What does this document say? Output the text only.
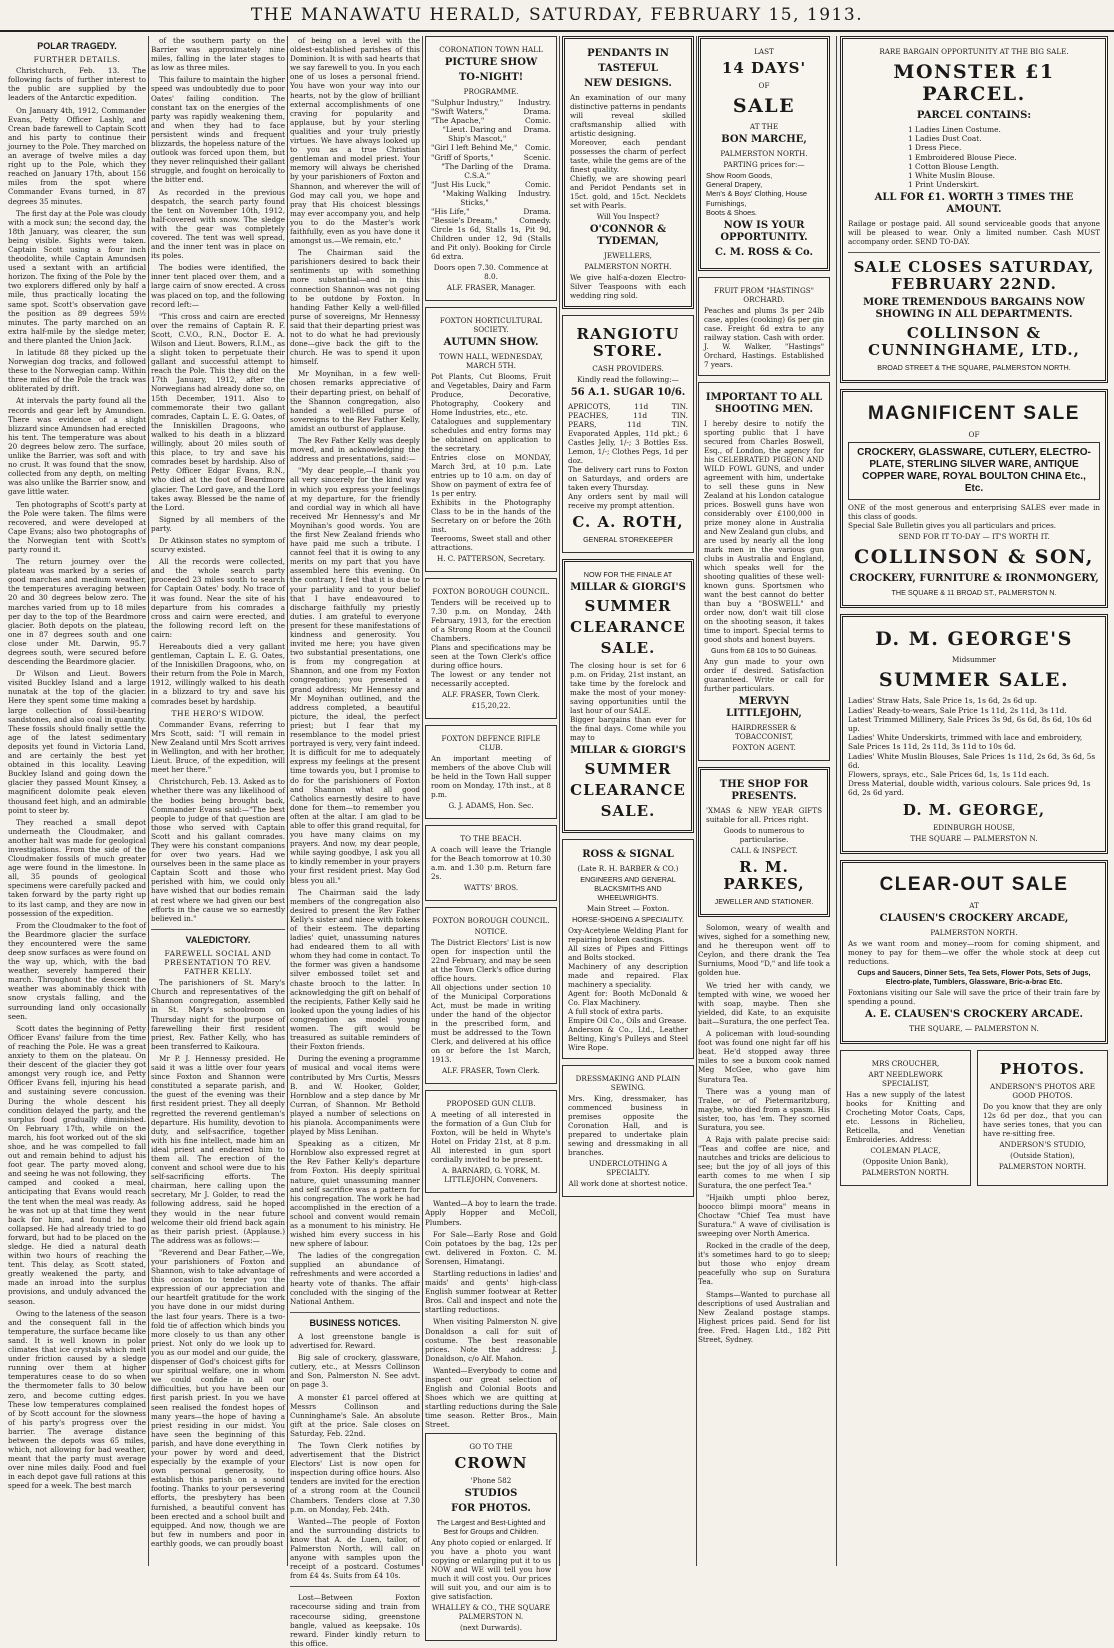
THE MANAWATU HERALD, SATURDAY, FEBRUARY 15, 1913.
POLAR TRAGEDY.
FURTHER DETAILS.

Christchurch, Feb. 13. The following facts of further interest to the public are supplied by the leaders of the Antarctic expedition.

On January 4th, 1912, Commander Evans, Petty Officer Lashly, and Crean bade farewell to Captain Scott and his party to continue their journey to the Pole. They marched on an average of twelve miles a day right up to the Pole, which they reached on January 17th, about 156 miles from the spot where Commander Evans turned, in 87 degrees 35 minutes.

The first day at the Pole was cloudy with a mock sun; the second day, the 18th January, was clearer, the sun being visible. Sights were taken. Captain Scott using a four inch theodolite, while Captain Amundsen used a sextant with an artificial horizon. The fixing of the Pole by the two explorers differed only by half a mile, thus practically locating the same spot. Scott's observation gave the position as 89 degrees 59½ minutes. The party marched on an extra half-mile by the sledge meter, and there planted the Union Jack.

In latitude 88 they picked up the Norwegian dog tracks, and followed these to the Norwegian camp. Within three miles of the Pole the track was obliterated by drift.

At intervals the party found all the records and gear left by Amundsen. There was evidence of a slight blizzard since Amundsen had erected his tent. The temperature was about 20 degrees below zero. The surface, unlike the Barrier, was soft and with no crust. It was found that the snow, collected from any depth, on melting was also unlike the Barrier snow, and gave little water.

Ten photographs of Scott's party at the Pole were taken. The films were recovered, and were developed at Cape Evans; also two photographs of the Norwegian tent with Scott's party round it.

The return journey over the plateau was marked by a series of good marches and medium weather, the temperatures averaging between 20 and 30 degrees below zero. The marches varied from up to 18 miles per day to the top of the Beardmore glacier. Both depots on the plateau, one in 87 degrees south and one close under Mt. Darwin, 95.7 degrees south, were secured before descending the Beardmore glacier.

Dr Wilson and Lieut. Bowers visited Buckley Island and a large nunatak at the top of the glacier. Here they spent some time making a large collection of fossil-bearing sandstones, and also coal in quantity. These fossils should finally settle the age of the latest sedimentary deposits yet found in Victoria Land, and are certainly the best yet obtained in this locality. Leaving Buckley Island and going down the glacier they passed Mount Kinsey, a magnificent dolomite peak eleven thousand feet high, and an admirable point to steer by.

They reached a small depot underneath the Cloudmaker, and another halt was made for geological investigations. From the side of the Cloudmaker fossils of much greater age were found in the limestone. In all, 35 pounds of geological specimens were carefully packed and taken forward by the party right up to its last camp, and they are now in possession of the expedition.

From the Cloudmaker to the foot of the Beardmore glacier the surface they encountered were the same deep snow surfaces as were found on the way up, which, with the bad weather, severely hampered their march. Throughout the descent the weather was abominably thick with snow crystals falling, and the surrounding land only occasionally seen.

Scott dates the beginning of Petty Officer Evans' failure from the time of reaching the Pole. He was a great anxiety to them on the plateau. On their descent of the glacier they got amongst very rough ice, and Petty Officer Evans fell, injuring his head and sustaining severe concussion. During the whole descent his condition delayed the party, and the surplus food gradually diminished. On February 17th, while on the march, his foot worked out of the ski shoe, and he was compelled to fall out and remain behind to adjust his foot gear. The party moved along, and seeing he was not following, they camped and cooked a meal, anticipating that Evans would reach the tent when the meal was ready. As he was not up at that time they went back for him, and found he had collapsed. He had already tried to go forward, but had to be placed on the sledge. He died a natural death within two hours of reaching the tent. This delay, as Scott stated, greatly weakened the party, and made an inroad into the surplus provisions, and unduly advanced the season.

Owing to the lateness of the season and the consequent fall in the temperature, the surface became like sand. It is well known in polar climates that ice crystals which melt under friction caused by a sledge running over them at higher temperatures cease to do so when the thermometer falls to 30 below zero, and become cutting edges. These low temperatures complained of by Scott account for the slowness of his party's progress over the barrier. The average distance between the depots was 65 miles, which, not allowing for bad weather, meant that the party must average over nine miles daily. Food and fuel in each depot gave full rations at this speed for a week. The best march

of the southern party on the Barrier was approximately nine miles, falling in the later stages to as low as three miles.

This failure to maintain the higher speed was undoubtedly due to poor Oates' failing condition. The constant tax on the energies of the party was rapidly weakening them, and when they had to face persistent winds and frequent blizzards, the hopeless nature of the outlook was forced upon them, but they never relinquished their gallant struggle, and fought on heroically to the bitter end.

As recorded in the previous despatch, the search party found the tent on November 10th, 1912, half-covered with snow. The sledge with the gear was completely covered. The tent was well spread, and the inner tent was in place on its poles.

The bodies were identified, the inner tent placed over them, and a large cairn of snow erected. A cross was placed on top, and the following record left:—

"This cross and cairn are erected over the remains of Captain R. F. Scott, C.V.O., R.N., Doctor E. A. Wilson and Lieut. Bowers, R.I.M., as a slight token to perpetuate their gallant and successful attempt to reach the Pole. This they did on the 17th January, 1912, after the Norwegians had already done so, on 15th December, 1911. Also to commemorate their two gallant comrades, Captain L. E. G. Oates, of the Inniskillen Dragoons, who walked to his death in a blizzard willingly, about 20 miles south of this place, to try and save his comrades beset by hardship. Also of Petty Officer Edgar Evans, R.N., who died at the foot of Beardmore glacier. The Lord gave, and the Lord takes away. Blessed be the name of the Lord.

Signed by all members of the party.

Dr Atkinson states no symptom of scurvy existed.

All the records were collected, and the whole search party proceeded 23 miles south to search for Captain Oates' body. No trace of it was found. Near the site of his departure from his comrades a cross and cairn were erected, and the following record left on the cairn:

Hereabouts died a very gallant gentleman, Captain L. E. G. Oates, of the Inniskillen Dragoons, who, on their return from the Pole in March, 1912, willingly walked to his death in a blizzard to try and save his comrades beset by hardship.

THE HERO'S WIDOW.

Commander Evans, referring to Mrs Scott, said: "I will remain in New Zealand until Mrs Scott arrives in Wellington, and with her brother, Lieut. Bruce, of the expedition, will meet her there."

Christchurch, Feb. 13. Asked as to whether there was any likelihood of the bodies being brought back, Commander Evans said:—"The best people to judge of that question are those who served with Captain Scott and his gallant comrades. They were his constant companions for over two years. Had we ourselves been in the same place as Captain Scott and those who perished with him, we could only have wished that our bodies remain at rest where we had given our best efforts in the cause we so earnestly believed in."

VALEDICTORY.
FAREWELL SOCIAL AND PRESENTATION TO REV. FATHER KELLY.

The parishioners of St. Mary's Church and representatives of the Shannon congregation, assembled in St. Mary's schoolroom on Thursday night for the purpose of farewelling their first resident priest, Rev. Father Kelly, who has been transferred to Kaikoura.

Mr P. J. Hennessy presided. He said it was a little over four years since Foxton and Shannon were constituted a separate parish, and the guest of the evening was their first resident priest. They all deeply regretted the reverend gentleman's departure. His humility, devotion to duty, and self-sacrifice, together with his fine intellect, made him an ideal priest and endeared him to them all. The erection of the convent and school were due to his self-sacrificing efforts. The chairman, here calling upon the secretary, Mr J. Golder, to read the following address, said he hoped they would in the near future welcome their old friend back again as their parish priest. (Applause.) The address was as follows:—

"Reverend and Dear Father,—We, your parishioners of Foxton and Shannon, wish to take advantage of this occasion to tender you the expression of our appreciation and our heartfelt gratitude for the work you have done in our midst during the last four years. There is a two-fold tie of affection which binds you more closely to us than any other priest. Not only do we look up to you as our model and our guide, the dispenser of God's choicest gifts for our spiritual welfare, one in whom we could confide in all our difficulties, but you have been our first parish priest. In you we have seen realised the fondest hopes of many years—the hope of having a priest residing in our midst. You have seen the beginning of this parish, and have done everything in your power by word and deed, especially by the example of your own personal generosity, to establish this parish on a sound footing. Thanks to your persevering efforts, the presbytery has been furnished, a beautiful convent has been erected and a school built and equipped. And now, though we are but few in numbers and poor in earthly goods, we can proudly boast

of being on a level with the oldest-established parishes of this Dominion. It is with sad hearts that we say farewell to you. In you each one of us loses a personal friend. You have won your way into our hearts, not by the glow of brilliant external accomplishments of one craving for popularity and applause, but by your sterling qualities and your truly priestly virtues. We have always looked up to you as a true Christian gentleman and model priest. Your memory will always be cherished by your parishioners of Foxton and Shannon, and wherever the will of God may call you, we hope and pray that His choicest blessings may ever accompany you, and help you to do the Master's work faithfully, even as you have done it amongst us.—We remain, etc."

The Chairman said the parishioners desired to back their sentiments up with something more substantial—and in this connection Shannon was not going to be outdone by Foxton. In handing Father Kelly a well-filled purse of sovereigns, Mr Hennessy said that their departing priest was not to do what he had previously done—give back the gift to the church. He was to spend it upon himself.

Mr Moynihan, in a few well-chosen remarks appreciative of their departing priest, on behalf of the Shannon congregation, also handed a well-filled purse of sovereigns to the Rev Father Kelly, amidst an outburst of applause.

The Rev Father Kelly was deeply moved, and in acknowledging the address and presentations, said:—

"My dear people,—I thank you all very sincerely for the kind way in which you express your feelings at my departure, for the friendly and cordial way in which all have received Mr Hennessy's and Mr Moynihan's good words. You are the first New Zealand friends who have paid me such a tribute. I cannot feel that it is owing to any merits on my part that you have assembled here this evening. On the contrary, I feel that it is due to your partiality and to your belief that I have endeavoured to discharge faithfully my priestly duties. I am grateful to everyone present for these manifestations of kindness and generosity. You invited me here; you have given two substantial presentations, one is from my congregation at Shannon, and one from my Foxton congregation; you presented a grand address; Mr Hennessy and Mr Moynihan outlined, and the address completed, a beautiful picture, the ideal, the perfect priest; but I fear that my resemblance to the model priest portrayed is very, very faint indeed. It is difficult for me to adequately express my feelings at the present time towards you, but I promise to do for the parishioners of Foxton and Shannon what all good Catholics earnestly desire to have done for them—to remember you often at the altar. I am glad to be able to offer this grand requital, for you have many claims on my prayers. And now, my dear people, while saying goodbye, I ask you all to kindly remember in your prayers your first resident priest. May God bless you all."

The Chairman said the lady members of the congregation also desired to present the Rev Father Kelly's sister and niece with tokens of their esteem. The departing ladies' quiet, unassuming natures had endeared them to all with whom they had come in contact. To the former was given a handsome silver embossed toilet set and chaste brooch to the latter. In acknowledging the gift on behalf of the recipients, Father Kelly said he looked upon the young ladies of his congregation as model young women. The gift would be treasured as suitable reminders of their Foxton friends.

During the evening a programme of musical and vocal items were contributed by Mrs Curtis, Messrs B. and W. Hooker, Golder, Hornblow and a step dance by Mr Curran, of Shannon. Mr Bethold played a number of selections on his pianola. Accompaniments were played by Miss Lenihan.

Speaking as a citizen, Mr Hornblow also expressed regret at the Rev Father Kelly's departure from Foxton. His deeply spiritual nature, quiet unassuming manner and self sacrifice was a pattern for his congregation. The work he had accomplished in the erection of a school and convent would remain as a monument to his ministry. He wished him every success in his new sphere of labour.

The ladies of the congregation supplied an abundance of refreshments and were accorded a hearty vote of thanks. The affair concluded with the singing of the National Anthem.

BUSINESS NOTICES.

A lost greenstone bangle is advertised for. Reward.

Big sale of crockery, glassware, cutlery, etc., at Messrs Collinson and Son, Palmerston N. See advt. on page 3.

A monster £1 parcel offered at Messrs Collinson and Cunninghame's Sale. An absolute gift at the price. Sale closes on Saturday, Feb. 22nd.

The Town Clerk notifies by advertisement that the District Electors' List is now open for inspection during office hours. Also tenders are invited for the erection of a strong room at the Council Chambers. Tenders close at 7.30 p.m. on Monday, Feb. 24th.

Wanted—The people of Foxton and the surrounding districts to know that A. de Luen, tailor, of Palmerston North, will call on anyone with samples upon the receipt of a postcard. Costumes from £4 4s. Suits from £4 10s.

Lost—Between Foxton racecourse siding and train from racecourse siding, greenstone bangle, valued as keepsake. 10s reward. Finder kindly return to this office.

CORONATION TOWN HALL
PICTURE SHOW
TO-NIGHT!
PROGRAMME.
"Sulphur Industry," Industry.
"Swift Waters,"	Drama.
"The Apache,"	Comic.
"Lieut. Daring and Ship's Mascot,"
Drama.
"Girl I left Behind Me," Comic.
"Griff of Sports,"	Scenic.
"The Darling of the C.S.A."
Drama.
"Just His Luck,"	Comic.
"Making Walking Sticks,"
Industry.
"His Life,"	Drama.
"Bessie's Dream,"	Comedy.
Circle 1s 6d, Stalls 1s, Pit 9d, Children under 12, 9d (Stalls and Pit only). Booking for Circle 6d extra.
Doors open 7.30. Commence at 8.0.
ALF. FRASER, Manager.
FOXTON HORTICULTURAL SOCIETY.
AUTUMN SHOW.
TOWN HALL, WEDNESDAY, MARCH 5TH.
Pot Plants, Cut Blooms, Fruit and Vegetables, Dairy and Farm Produce, Decorative, Photography, Cookery and Home Industries, etc., etc.
Catalogues and supplementary schedules and entry forms may be obtained on application to the secretary.
Entries close on MONDAY, March 3rd, at 10 p.m. Late entries up to 10 a.m. on day of Show on payment of extra fee of 1s per entry.
Exhibits in the Photography Class to be in the hands of the Secretary on or before the 26th inst.
Teerooms, Sweet stall and other attractions.
H. C. PATTERSON, Secretary.
FOXTON BOROUGH COUNCIL.
Tenders will be received up to 7.30 p.m. on Monday, 24th February, 1913, for the erection of a Strong Room at the Council Chambers.
Plans and specifications may be seen at the Town Clerk's office during office hours.
The lowest or any tender not necessarily accepted.
ALF. FRASER, Town Clerk.
£15,20,22.
FOXTON DEFENCE RIFLE CLUB.
An important meeting of members of the above Club will be held in the Town Hall supper room on Monday, 17th inst., at 8 p.m.
G. J. ADAMS, Hon. Sec.
TO THE BEACH.
A coach will leave the Triangle for the Beach tomorrow at 10.30 a.m. and 1.30 p.m. Return fare 2s.
WATTS' BROS.
FOXTON BOROUGH COUNCIL.
NOTICE.
The District Electors' List is now open for inspection until the 22nd February, and may be seen at the Town Clerk's office during office hours.
All objections under section 10 of the Municipal Corporations Act, must be made in writing under the hand of the objector in the prescribed form, and must be addressed to the Town Clerk, and delivered at his office on or before the 1st March, 1913.
ALF. FRASER, Town Clerk.
PROPOSED GUN CLUB.
A meeting of all interested in the formation of a Gun Club for Foxton, will be held in Whyte's Hotel on Friday 21st, at 8 p.m. All interested in gun sport cordially invited to be present.
A. BARNARD, G. YORK, M. LITTLEJOHN, Conveners.

Wanted—A boy to learn the trade. Apply Hopper and McColl, Plumbers.

For Sale—Early Rose and Gold Coin potatoes by the bag, 12s per cwt. delivered in Foxton. C. M. Sorensen, Himatangi.

Startling reductions in ladies' and maids' and gents' high-class English summer footwear at Retter Bros. Call and inspect and note the startling reductions.

When visiting Palmerston N. give Donaldson a call for suit of costume. The best reasonable prices. Note the address: J. Donaldson, c/o Alf. Mahon.

Wanted—Everybody to come and inspect our great selection of English and Colonial Boots and Shoes which we are quitting at startling reductions during the Sale time season. Retter Bros., Main Street.

GO TO THE
CROWN
'Phone 582
STUDIOS
FOR PHOTOS.
The Largest and Best-Lighted and Best for Groups and Children.
Any photo copied or enlarged. If you have a photo you want copying or enlarging put it to us NOW and WE will tell you how much it will cost you. Our prices will suit you, and our aim is to give satisfaction.
WHALLEY & CO., THE SQUARE PALMERSTON N.
(next Durwards).
PENDANTS IN
TASTEFUL
NEW DESIGNS.
An examination of our many distinctive patterns in pendants will reveal skilled craftsmanship allied with artistic designing.
Moreover, each pendant possesses the charm of perfect taste, while the gems are of the finest quality.
Chiefly, we are showing pearl and Peridot Pendants set in 15ct. gold, and 15ct. Necklets set with Pearls.
Will You Inspect?
O'CONNOR & TYDEMAN,
JEWELLERS,
PALMERSTON NORTH.
We give half-a-dozen Electro-Silver Teaspoons with each wedding ring sold.
RANGIOTU STORE.
CASH PROVIDERS.
Kindly read the following:—
56 A.1. SUGAR 10/6.
APRICOTS,	11d	TIN.
PEACHES,	11d	TIN.
PEARS,	11d	TIN.
Evaporated Apples, 11d pkt.; 6 Castles Jelly, 1/-; 3 Bottles Ess. Lemon, 1/-; Clothes Pegs, 1d per doz.
The delivery cart runs to Foxton on Saturdays, and orders are taken every Thursday.
Any orders sent by mail will receive my prompt attention.
C. A. ROTH,
GENERAL STOREKEEPER
NOW FOR THE FINALE AT
MILLAR & GIORGI'S
SUMMER
CLEARANCE
SALE.
The closing hour is set for 6 p.m. on Friday, 21st instant, an take time by the forelock and make the most of your money-saving opportunities until the last hour of our SALE.
Bigger bargains than ever for the final days. Come while you may to
MILLAR & GIORGI'S
SUMMER
CLEARANCE
SALE.
ROSS & SIGNAL
(Late R. H. BARBER & CO.)
ENGINEERS AND GENERAL BLACKSMITHS AND WHEELWRIGHTS.
Main Street — Foxton.
HORSE-SHOEING A SPECIALITY.
Oxy-Acetylene Welding Plant for repairing broken castings.
All sizes of Pipes and Fittings and Bolts stocked.
Machinery of any description made and repaired. Flax machinery a speciality.
Agent for: Booth McDonald & Co. Flax Machinery.
A full stock of extra parts.
Empire Oil Co., Oils and Grease.
Anderson & Co., Ltd., Leather Belting, King's Pulleys and Steel Wire Rope.
DRESSMAKING AND PLAIN SEWING.
Mrs. King, dressmaker, has commenced business in premises opposite the Coronation Hall, and is prepared to undertake plain sewing and dressmaking in all branches.
UNDERCLOTHING A SPECIALTY.
All work done at shortest notice.
LAST
14 DAYS'
OF
SALE
AT THE
BON MARCHE,
PALMERSTON NORTH.
PARTING prices for:—
Show Room Goods,
General Drapery,
Men's & Boys' Clothing, House Furnishings,
Boots & Shoes.
NOW IS YOUR OPPORTUNITY.
C. M. ROSS & Co.
FRUIT FROM "HASTINGS" ORCHARD.
Peaches and plums 3s per 24lb case, apples (cooking) 6s per gin case. Freight 6d extra to any railway station. Cash with order. J. W. Walker, "Hastings" Orchard, Hastings. Established 7 years.
IMPORTANT TO ALL SHOOTING MEN.
I hereby desire to notify the sporting public that I have secured from Charles Boswell, Esq., of London, the agency for his CELEBRATED PIGEON AND WILD FOWL GUNS, and under agreement with him, undertake to sell these guns in New Zealand at his London catalogue prices. Boswell guns have won considerably over £100,000 in prize money alone in Australia and New Zealand gun clubs, and are used by nearly all the long mark men in the various gun clubs in Australia and England, which speaks well for the shooting qualities of these well-known guns. Sportsmen who want the best cannot do better than buy a "BOSWELL" and order now, don't wait till close on the shooting season, it takes time to import. Special terms to good shots and honest buyers.
Guns from £8 10s to 50 Guineas.
Any gun made to your own order if desired. Satisfaction guaranteed. Write or call for further particulars.
MERVYN LITTLEJOHN,
HAIRDRESSER & TOBACCONIST,
FOXTON AGENT.
THE SHOP FOR PRESENTS.
'XMAS & NEW YEAR GIFTS suitable for all. Prices right.
Goods to numerous to particularise.
CALL & INSPECT.
R. M. PARKES,
JEWELLER AND STATIONER.

Solomon, weary of wealth and wives, sighed for a something new, and he thereupon went off to Ceylon, and there drank the Tea Surniums, Mood "D," and life took a golden hue.

We tried her with candy, we tempted with wine, we wooed her with soap, maybe. Then she yielded, did Kate, to an exquisite bait—Suratura, the one perfect Tea.

A policeman with loud-sounding foot was found one night far off his beat. He'd stopped away three miles to see a buxom cook named Meg McGee, who gave him Suratura Tea.

There was a young man of Tralee, or of Pietermaritzburg, maybe, who died from a spasm. His sister, too, has 'em. They scorned Suratura, you see.

A Raja with palate precise said: "Teas and coffee are nice, and nautches and tricks are delicious to see; but the joy of all joys of this earth comes to me when I sip Suratura, the one perfect Tea."

"Hjaikh umpti phloo berez, boocco blimpi moora" means in Choctaw "Chief Tea must have Suratura." A wave of civilisation is sweeping over North America.

Rocked in the cradle of the deep, it's sometimes hard to go to sleep; but those who enjoy dream peacefully who sup on Suratura Tea.

Stamps—Wanted to purchase all descriptions of used Australian and New Zealand postage stamps. Highest prices paid. Send for list free. Fred. Hagen Ltd., 182 Pitt Street, Sydney.

RARE BARGAIN OPPORTUNITY AT THE BIG SALE.
MONSTER £1 PARCEL.
PARCEL CONTAINS:
1 Ladies Linen Costume.
1 Ladies Dust Coat.
1 Dress Piece.
1 Embroidered Blouse Piece.
1 Cotton Blouse Length.
1 White Muslin Blouse.
1 Print Underskirt.
ALL FOR £1. WORTH 3 TIMES THE AMOUNT.
Railage or postage paid. All sound serviceable goods that anyone will be pleased to wear. Only a limited number. Cash MUST accompany order. SEND TO-DAY.
SALE CLOSES SATURDAY, FEBRUARY 22ND.
MORE TREMENDOUS BARGAINS NOW SHOWING IN ALL DEPARTMENTS.
COLLINSON & CUNNINGHAME, LTD.,
BROAD STREET & THE SQUARE, PALMERSTON NORTH.
MAGNIFICENT SALE
OF
CROCKERY, GLASSWARE, CUTLERY, ELECTRO-PLATE, STERLING SILVER WARE, ANTIQUE COPPER WARE, ROYAL BOULTON CHINA Etc., Etc.
ONE of the most generous and enterprising SALES ever made in this class of goods.
Special Sale Bulletin gives you all particulars and prices.
SEND FOR IT TO-DAY — IT'S WORTH IT.
COLLINSON & SON,
CROCKERY, FURNITURE & IRONMONGERY,
THE SQUARE & 11 BROAD ST., PALMERSTON N.
D. M. GEORGE'S
Midsummer
SUMMER SALE.
Ladies' Straw Hats, Sale Price 1s, 1s 6d, 2s 6d up.
Ladies' Ready-to-wears, Sale Price 1s 11d, 2s 11d, 3s 11d.
Latest Trimmed Millinery, Sale Prices 3s 9d, 6s 6d, 8s 6d, 10s 6d up.
Ladies' White Underskirts, trimmed with lace and embroidery, Sale Prices 1s 11d, 2s 11d, 3s 11d to 10s 6d.
Ladies' White Muslin Blouses, Sale Prices 1s 11d, 2s 6d, 3s 6d, 5s 6d.
Flowers, sprays, etc., Sale Prices 6d, 1s, 1s 11d each.
Dress Material, double width, various colours. Sale prices 9d, 1s 6d, 2s 6d yard.
D. M. GEORGE,
EDINBURGH HOUSE,
THE SQUARE — PALMERSTON N.
CLEAR-OUT SALE
AT
CLAUSEN'S CROCKERY ARCADE,
PALMERSTON NORTH.
As we want room and money—room for coming shipment, and money to pay for them—we offer the whole stock at deep cut reductions.
Cups and Saucers, Dinner Sets, Tea Sets, Flower Pots, Sets of Jugs, Electro-plate, Tumblers, Glassware, Bric-a-brac Etc.
Foxtonians visiting our Sale will save the price of their train fare by spending a pound.
A. E. CLAUSEN'S CROCKERY ARCADE.
THE SQUARE, — PALMERSTON N.
MRS CROUCHER,
ART NEEDLEWORK SPECIALIST,
Has a new supply of the latest books for Knitting and Crocheting Motor Coats, Caps, etc. Lessons in Richelieu, Reticella, and Venetian Embroideries. Address:
COLEMAN PLACE,
(Opposite Union Bank),
PALMERSTON NORTH.
PHOTOS.
ANDERSON'S PHOTOS ARE GOOD PHOTOS.
Do you know that they are only 12s 6d per doz., that you can have series tones, that you can have re-sitting free.
ANDERSON'S STUDIO,
(Outside Station),
PALMERSTON NORTH.
